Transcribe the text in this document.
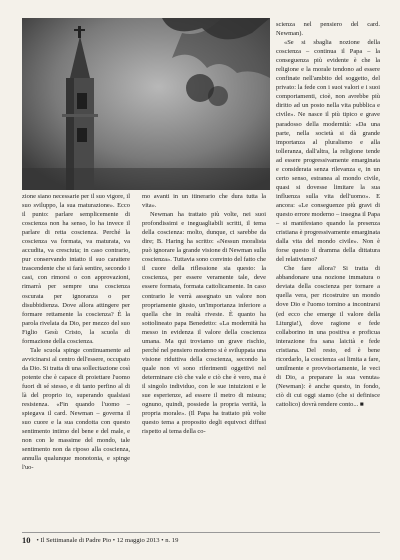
zione siano necessarie per il suo vigore, il suo sviluppo, la sua maturazione». Ecco il punto: parlare semplicemente di coscienza non ha senso, lo ha invece il parlare di retta coscienza. Perché la coscienza va formata, va maturata, va accudita, va cresciuta; in caso contrario, pur conservando intatto il suo carattere trascendente che si farà sentire, secondo i casi, con rimorsi o con approvazioni, rimarrà per sempre una coscienza oscurata per ignoranza o per disubbidienza. Dove allora attingere per formare rettamente la coscienza? È la parola rivelata da Dio, per mezzo del suo Figlio Gesù Cristo, la scuola di formazione della coscienza.

Tale scuola spinge continuamente ad avvicinarsi al centro dell'essere, occupato da Dio. Si tratta di una sollecitazione così potente che è capace di proiettare l'uomo fuori di sé stesso, e di tanto perfino al di là del proprio io, superando qualsiasi resistenza. «Fin quando l'uomo – spiegava il card. Newman – governa il suo cuore e la sua condotta con questo sentimento intimo del bene e del male, e non con le massime del mondo, tale sentimento non da riposo alla coscienza, annulla qualunque monotonia, e spinge l'uo-

mo avanti in un itinerario che dura tutta la vita».

Newman ha trattato più volte, nei suoi profondissimi e ineguagliabili scritti, il tema della coscienza: molto, dunque, ci sarebbe da dire; B. Haring ha scritto: «Nessun moralista può ignorare la grande visione di Newman sulla coscienza». Tuttavia sono convinto del fatto che il cuore della riflessione sia questo: la coscienza, per essere veramente tale, deve essere formata, formata cattolicamente. In caso contrario le verrà assegnato un valore non propriamente giusto, un'importanza inferiore a quella che in realtà riveste. È quanto ha sottolineato papa Benedetto: «La modernità ha messo in evidenza il valore della coscienza umana. Ma qui troviamo un grave rischio, perché nel pensiero moderno si è sviluppata una visione riduttiva della coscienza, secondo la quale non vi sono riferimenti oggettivi nel determinare ciò che vale e ciò che è vero, ma è il singolo individuo, con le sue intuizioni e le sue esperienze, ad essere il metro di misura; ognuno, quindi, possiede la propria verità, la propria morale». (Il Papa ha trattato più volte questo tema a proposito degli equivoci diffusi rispetto al tema della co-

scienza nel pensiero del card. Newman).

«Se si sbaglia nozione della coscienza – continua il Papa – la conseguenza più evidente è che la religione e la morale tendono ad essere confinate nell'ambito del soggetto, del privato: la fede con i suoi valori e i suoi comportamenti, cioè, non avrebbe più diritto ad un posto nella vita pubblica e civile». Ne nasce il più tipico e grave paradosso della modernità: «Da una parte, nella società si dà grande importanza al pluralismo e alla tolleranza, dall'altra, la religione tende ad essere progressivamente emarginata e considerata senza rilevanza e, in un certo senso, estranea al mondo civile, quasi si dovesse limitare la sua influenza sulla vita dell'uomo». E ancora: «Le conseguenze più gravi di questo errore moderno – insegna il Papa – si manifestano quando la presenza cristiana è progressivamente emarginata dalla vita del mondo civile». Non è forse questo il dramma della dittatura del relativismo?

Che fare allora? Si tratta di abbandonare una nozione immatura o deviata della coscienza per tornare a quella vera, per ricostruire un mondo dove Dio e l'uomo tornino a incontrarsi (ed ecco che emerge il valore della Liturgia!), dove ragione e fede collaborino in una positiva e proficua interazione fra sana laicità e fede cristiana. Del resto, ed è bene ricordarlo, la coscienza «si limita a fare, umilmente e provvisoriamente, le veci di Dio, a preparare la sua venuta» (Newman): è anche questo, in fondo, ciò di cui oggi siamo (che si definisce cattolico) dovrà rendere conto... ■

10 • Il Settimanale di Padre Pio • 12 maggio 2013 • n. 19
